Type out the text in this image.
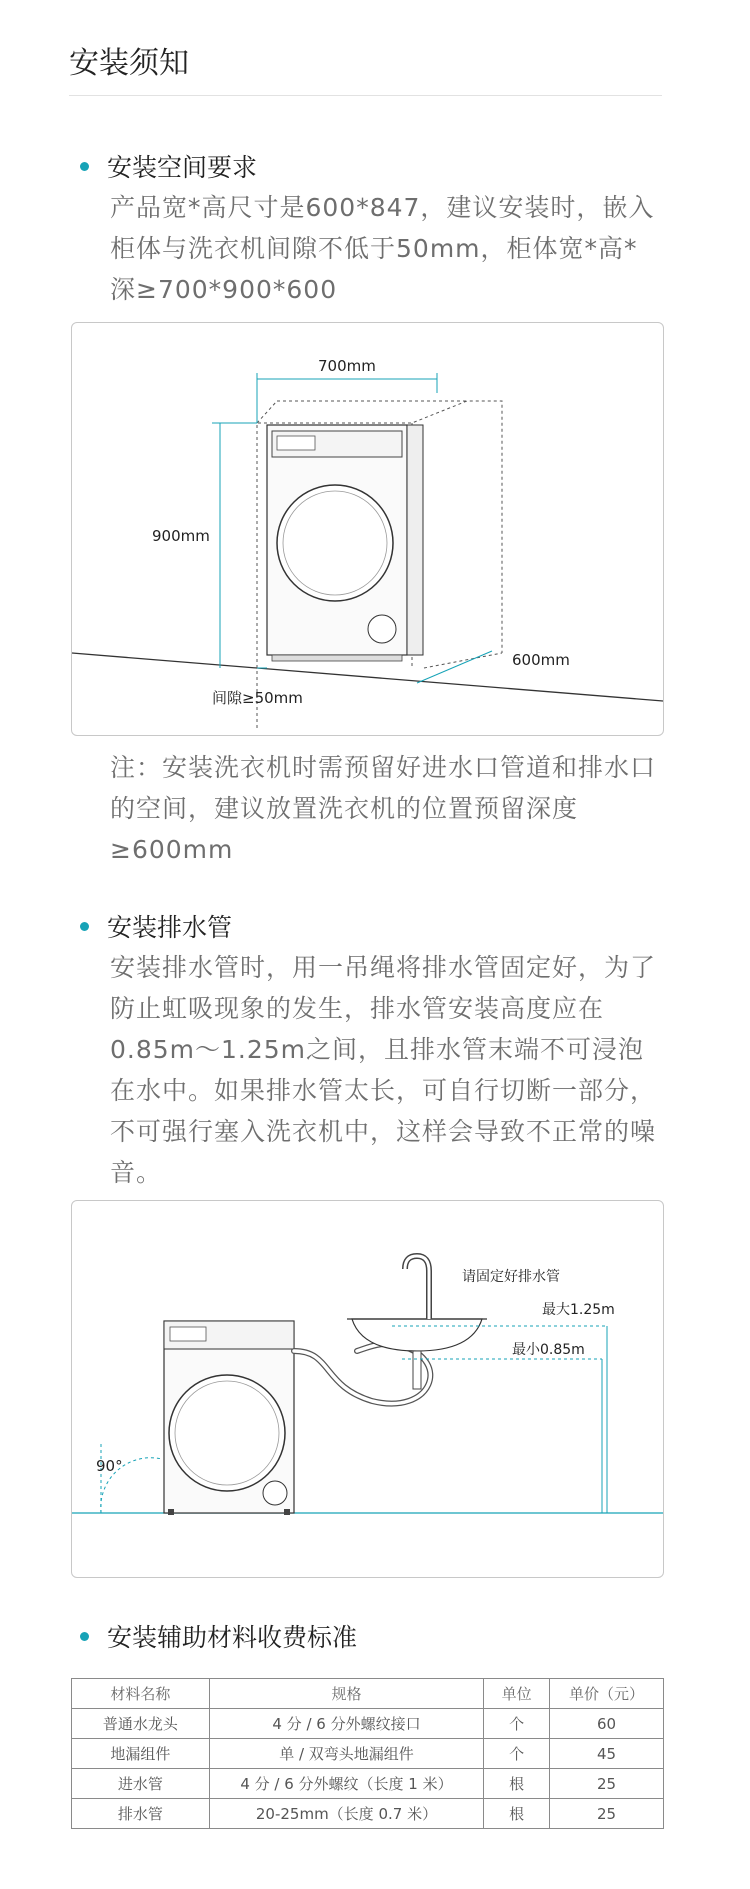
安装须知
安装空间要求

产品宽*高尺寸是600*847，建议安装时，嵌入柜体与洗衣机间隙不低于50mm，柜体宽*高*深≥700*900*600

900mm
700mm
600mm
间隙≥50mm

注：安装洗衣机时需预留好进水口管道和排水口的空间，建议放置洗衣机的位置预留深度≥600mm

安装排水管

安装排水管时，用一吊绳将排水管固定好，为了防止虹吸现象的发生，排水管安装高度应在0.85m～1.25m之间，且排水管末端不可浸泡在水中。如果排水管太长，可自行切断一部分，不可强行塞入洗衣机中，这样会导致不正常的噪音。

90°
请固定好排水管
最大1.25m
最小0.85m
安装辅助材料收费标准
材料名称	规格	单位	单价（元）
普通水龙头	4 分 / 6 分外螺纹接口	个	60
地漏组件	单 / 双弯头地漏组件	个	45
进水管	4 分 / 6 分外螺纹（长度 1 米）	根	25
排水管	20-25mm（长度 0.7 米）	根	25
